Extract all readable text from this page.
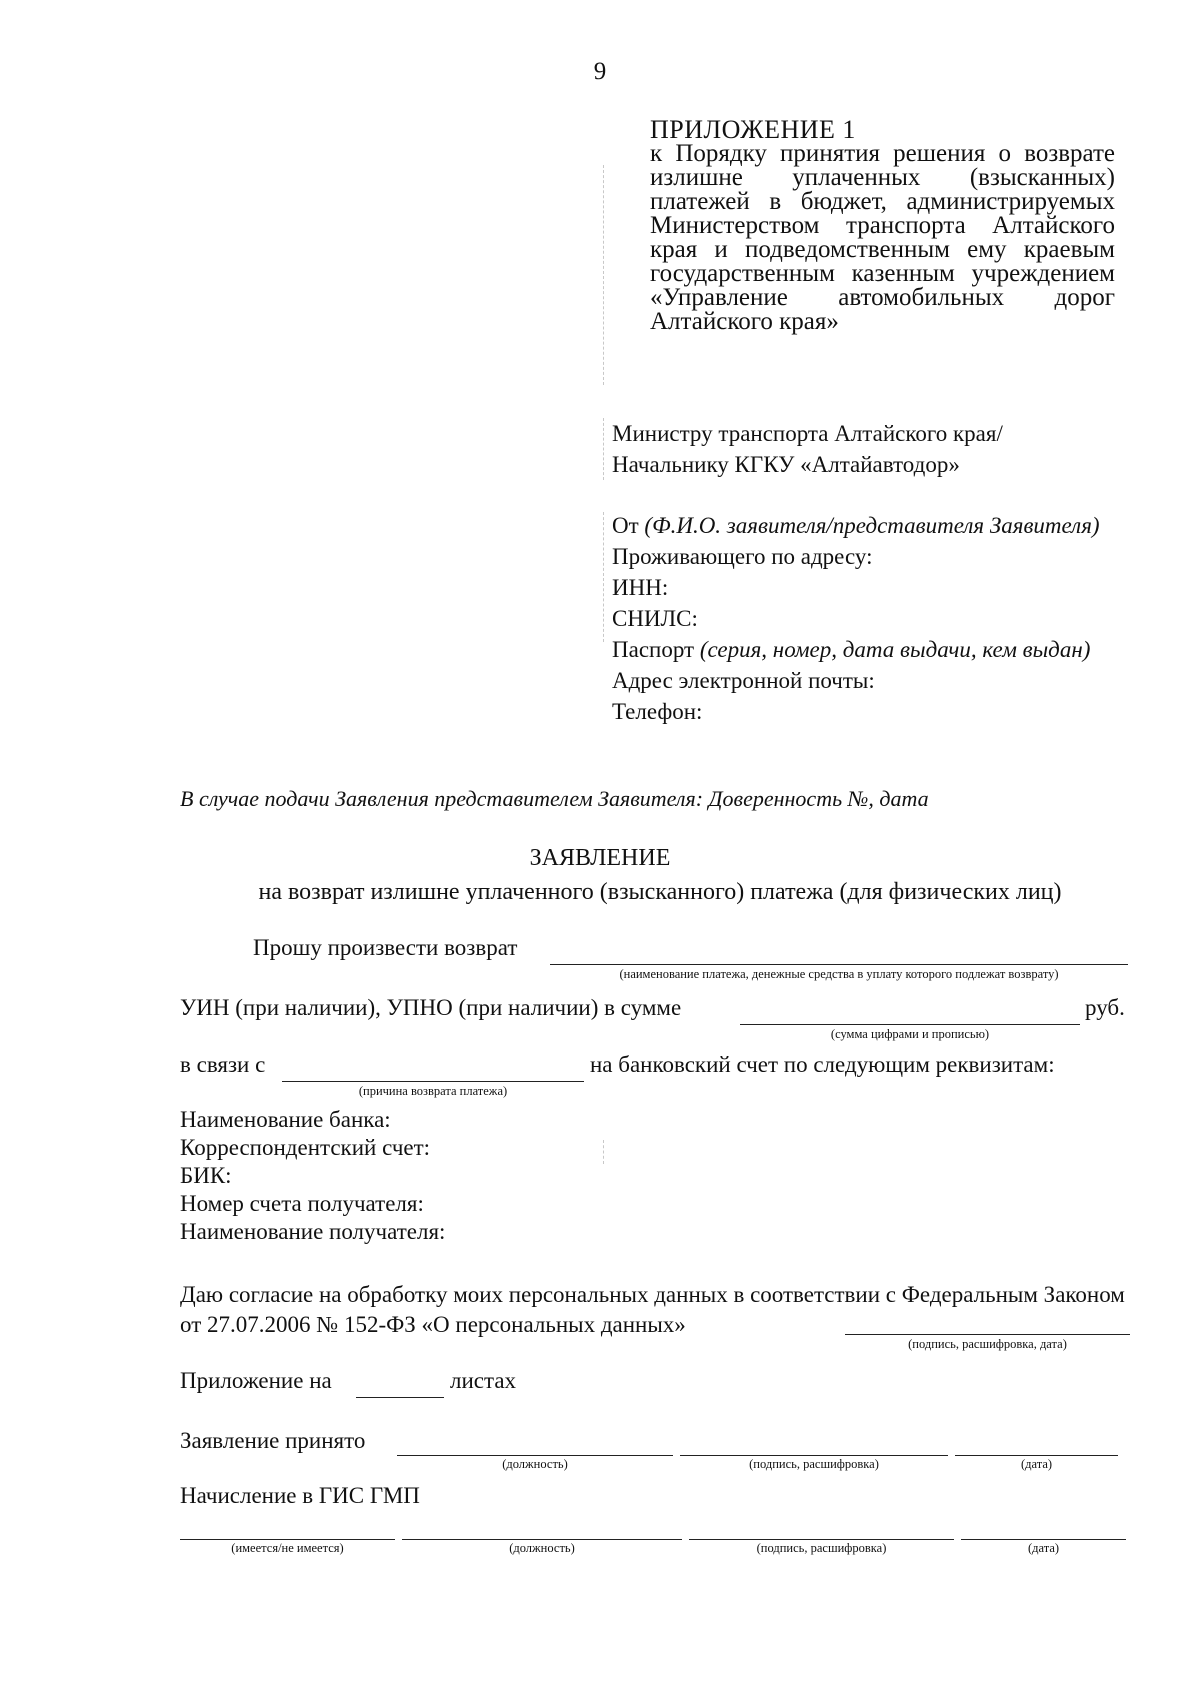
9
ПРИЛОЖЕНИЕ 1
к Порядку принятия решения о возврате излишне уплаченных (взысканных) платежей в бюджет, администрируемых Министерством транспорта Алтайского края и подведомственным ему краевым государственным казенным учреждением «Управление автомобильных дорог Алтайского края»
Министру транспорта Алтайского края/
Начальнику КГКУ «Алтайавтодор»
От (Ф.И.О. заявителя/представителя Заявителя)
Проживающего по адресу:
ИНН:
СНИЛС:
Паспорт (серия, номер, дата выдачи, кем выдан)
Адрес электронной почты:
Телефон:
В случае подачи Заявления представителем Заявителя: Доверенность №, дата
ЗАЯВЛЕНИЕ
на возврат излишне уплаченного (взысканного) платежа (для физических лиц)
Прошу произвести возврат
(наименование платежа, денежные средства в уплату которого подлежат возврату)
УИН (при наличии), УПНО (при наличии) в сумме	руб.
(сумма цифрами и прописью)
в связи с	на банковский счет по следующим реквизитам:
(причина возврата платежа)
Наименование банка:
Корреспондентский счет:
БИК:
Номер счета получателя:
Наименование получателя:
Даю согласие на обработку моих персональных данных в соответствии с Федеральным Законом от 27.07.2006 № 152-ФЗ «О персональных данных»
(подпись, расшифровка, дата)
Приложение на	листах
Заявление принято
(должность)	(подпись, расшифровка)	(дата)
Начисление в ГИС ГМП
(имеется/не имеется)	(должность)	(подпись, расшифровка)	(дата)
